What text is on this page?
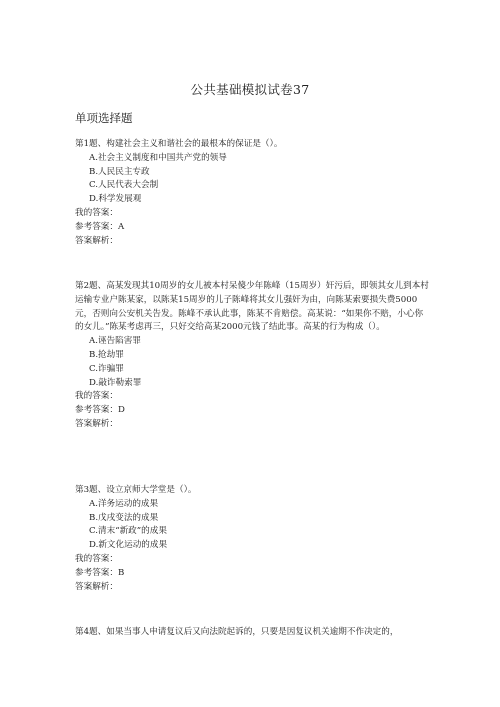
公共基础模拟试卷37
单项选择题

第1题、构建社会主义和谐社会的最根本的保证是（）。

A.社会主义制度和中国共产党的领导

B.人民民主专政

C.人民代表大会制

D.科学发展观

我的答案：

参考答案：A

答案解析：

第2题、高某发现其10周岁的女儿被本村呆傻少年陈峰（15周岁）奸污后，即领其女儿到本村运输专业户陈某家，以陈某15周岁的儿子陈峰将其女儿强奸为由，向陈某索要损失费5000元，否则向公安机关告发。陈峰不承认此事，陈某不肯赔偿。高某说：“如果你不赔，小心你的女儿。”陈某考虑再三，只好交给高某2000元钱了结此事。高某的行为构成（）。

A.诬告陷害罪

B.抢劫罪

C.诈骗罪

D.敲诈勒索罪

我的答案：

参考答案：D

答案解析：

第3题、设立京师大学堂是（）。

A.洋务运动的成果

B.戊戌变法的成果

C.清末“新政”的成果

D.新文化运动的成果

我的答案：

参考答案：B

答案解析：

第4题、如果当事人申请复议后又向法院起诉的，只要是因复议机关逾期不作决定的，
